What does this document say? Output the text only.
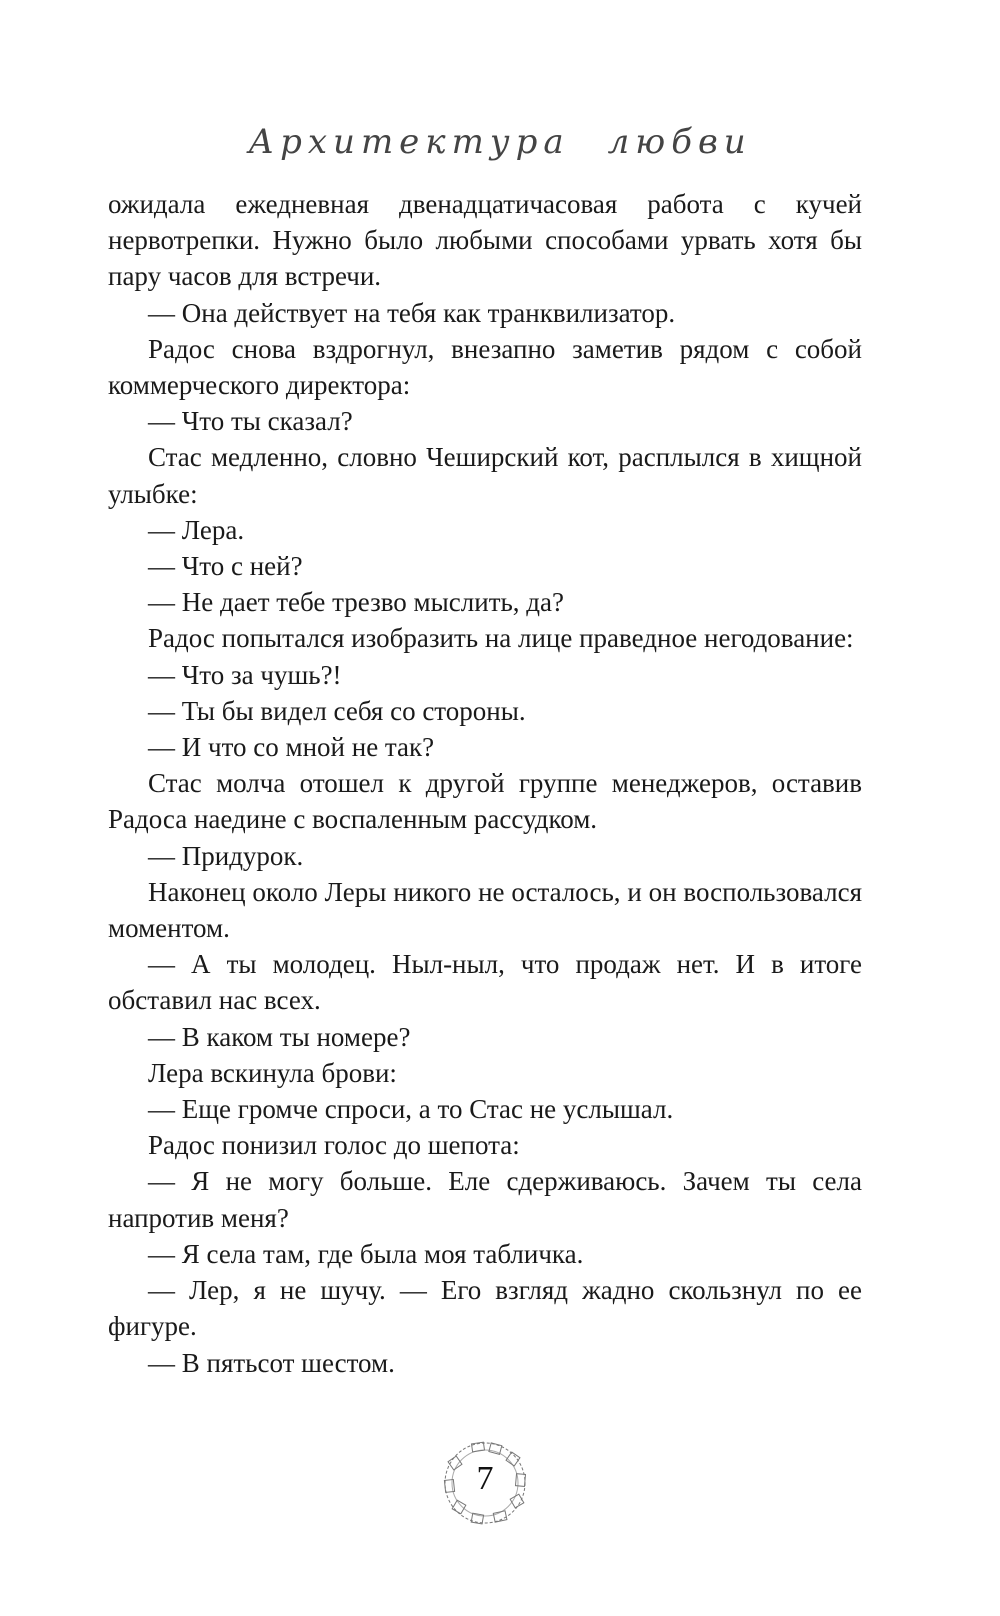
Архитектура любви

ожидала ежедневная двенадцатичасовая работа с кучей нервотрепки. Нужно было любыми способами урвать хотя бы пару часов для встречи.

— Она действует на тебя как транквилизатор.

Радос снова вздрогнул, внезапно заметив рядом с собой коммерческого директора:

— Что ты сказал?

Стас медленно, словно Чеширский кот, расплылся в хищной улыбке:

— Лера.

— Что с ней?

— Не дает тебе трезво мыслить, да?

Радос попытался изобразить на лице праведное негодование:

— Что за чушь?!

— Ты бы видел себя со стороны.

— И что со мной не так?

Стас молча отошел к другой группе менеджеров, оставив Радоса наедине с воспаленным рассудком.

— Придурок.

Наконец около Леры никого не осталось, и он воспользовался моментом.

— А ты молодец. Ныл-ныл, что продаж нет. И в итоге обставил нас всех.

— В каком ты номере?

Лера вскинула брови:

— Еще громче спроси, а то Стас не услышал.

Радос понизил голос до шепота:

— Я не могу больше. Еле сдерживаюсь. Зачем ты села напротив меня?

— Я села там, где была моя табличка.

— Лер, я не шучу. — Его взгляд жадно скользнул по ее фигуре.

— В пятьсот шестом.

7
